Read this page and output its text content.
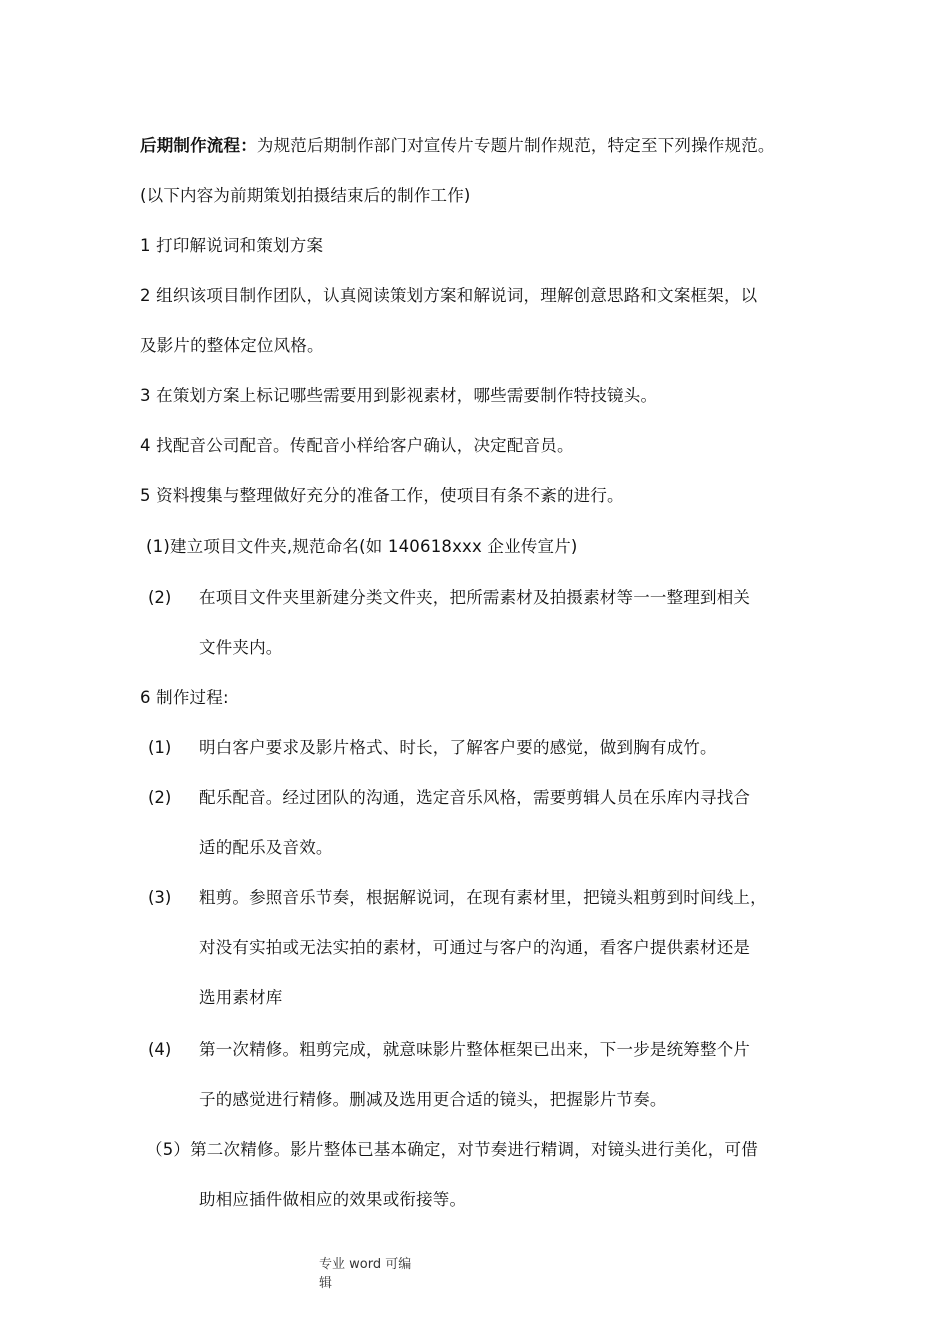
后期制作流程：为规范后期制作部门对宣传片专题片制作规范，特定至下列操作规范。
(以下内容为前期策划拍摄结束后的制作工作)
1 打印解说词和策划方案
2 组织该项目制作团队，认真阅读策划方案和解说词，理解创意思路和文案框架，以
及影片的整体定位风格。
3 在策划方案上标记哪些需要用到影视素材，哪些需要制作特技镜头。
4 找配音公司配音。传配音小样给客户确认，决定配音员。
5 资料搜集与整理做好充分的准备工作，使项目有条不紊的进行。
(1)建立项目文件夹,规范命名(如 140618xxx 企业传宣片)
(2) 在项目文件夹里新建分类文件夹，把所需素材及拍摄素材等一一整理到相关
文件夹内。
6 制作过程:
(1) 明白客户要求及影片格式、时长，了解客户要的感觉，做到胸有成竹。
(2) 配乐配音。经过团队的沟通，选定音乐风格，需要剪辑人员在乐库内寻找合
适的配乐及音效。
(3) 粗剪。参照音乐节奏，根据解说词，在现有素材里，把镜头粗剪到时间线上，
对没有实拍或无法实拍的素材，可通过与客户的沟通，看客户提供素材还是
选用素材库
(4) 第一次精修。粗剪完成，就意味影片整体框架已出来，下一步是统筹整个片
子的感觉进行精修。删减及选用更合适的镜头，把握影片节奏。
（5）第二次精修。影片整体已基本确定，对节奏进行精调，对镜头进行美化，可借
助相应插件做相应的效果或衔接等。
专业 word 可编
辑
